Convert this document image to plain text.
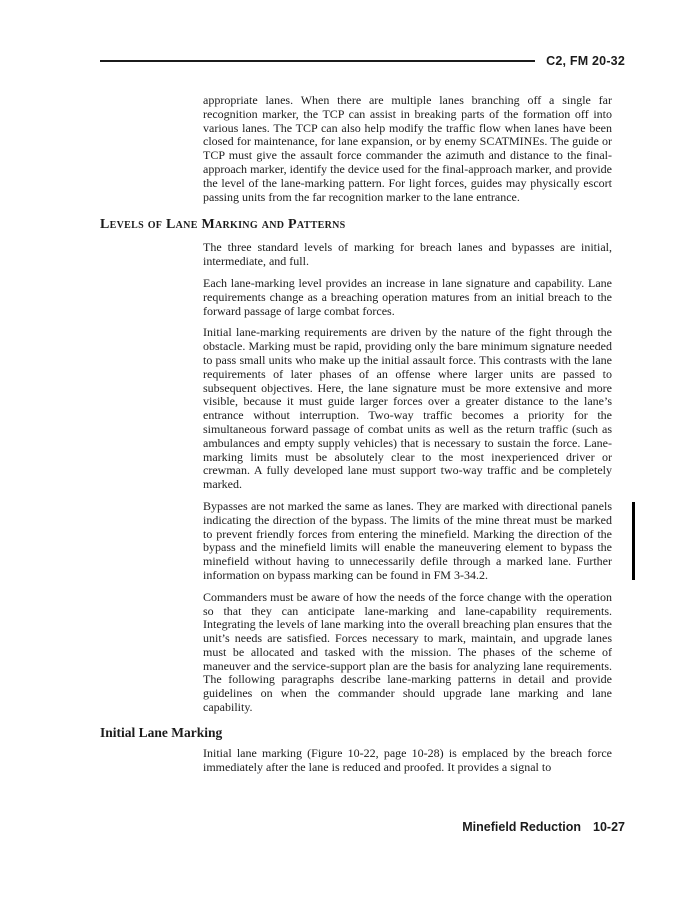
C2, FM 20-32

appropriate lanes. When there are multiple lanes branching off a single far recognition marker, the TCP can assist in breaking parts of the formation off into various lanes. The TCP can also help modify the traffic flow when lanes have been closed for maintenance, for lane expansion, or by enemy SCATMINEs. The guide or TCP must give the assault force commander the azimuth and distance to the final-approach marker, identify the device used for the final-approach marker, and provide the level of the lane-marking pattern. For light forces, guides may physically escort passing units from the far recognition marker to the lane entrance.

Levels of Lane Marking and Patterns

The three standard levels of marking for breach lanes and bypasses are initial, intermediate, and full.

Each lane-marking level provides an increase in lane signature and capability. Lane requirements change as a breaching operation matures from an initial breach to the forward passage of large combat forces.

Initial lane-marking requirements are driven by the nature of the fight through the obstacle. Marking must be rapid, providing only the bare minimum signature needed to pass small units who make up the initial assault force. This contrasts with the lane requirements of later phases of an offense where larger units are passed to subsequent objectives. Here, the lane signature must be more extensive and more visible, because it must guide larger forces over a greater distance to the lane’s entrance without interruption. Two-way traffic becomes a priority for the simultaneous forward passage of combat units as well as the return traffic (such as ambulances and empty supply vehicles) that is necessary to sustain the force. Lane-marking limits must be absolutely clear to the most inexperienced driver or crewman. A fully developed lane must support two-way traffic and be completely marked.

Bypasses are not marked the same as lanes. They are marked with directional panels indicating the direction of the bypass. The limits of the mine threat must be marked to prevent friendly forces from entering the minefield. Marking the direction of the bypass and the minefield limits will enable the maneuvering element to bypass the minefield without having to unnecessarily defile through a marked lane. Further information on bypass marking can be found in FM 3-34.2.

Commanders must be aware of how the needs of the force change with the operation so that they can anticipate lane-marking and lane-capability requirements. Integrating the levels of lane marking into the overall breaching plan ensures that the unit’s needs are satisfied. Forces necessary to mark, maintain, and upgrade lanes must be allocated and tasked with the mission. The phases of the scheme of maneuver and the service-support plan are the basis for analyzing lane requirements. The following paragraphs describe lane-marking patterns in detail and provide guidelines on when the commander should upgrade lane marking and lane capability.

Initial Lane Marking

Initial lane marking (Figure 10-22, page 10-28) is emplaced by the breach force immediately after the lane is reduced and proofed. It provides a signal to

Minefield Reduction 10-27
